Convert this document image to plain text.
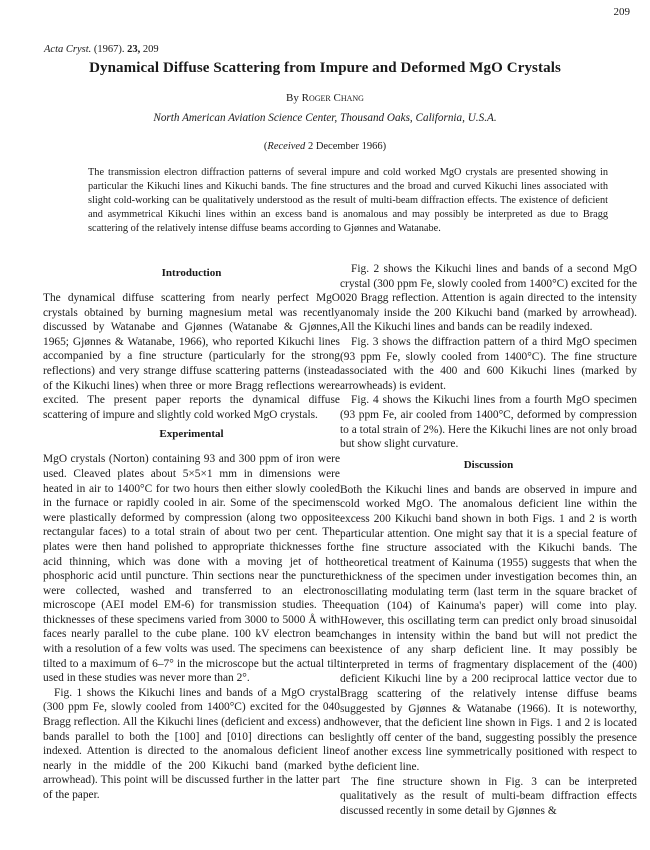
209
Acta Cryst. (1967). 23, 209
Dynamical Diffuse Scattering from Impure and Deformed MgO Crystals
By Roger Chang
North American Aviation Science Center, Thousand Oaks, California, U.S.A.
(Received 2 December 1966)

The transmission electron diffraction patterns of several impure and cold worked MgO crystals are presented showing in particular the Kikuchi lines and Kikuchi bands. The fine structures and the broad and curved Kikuchi lines associated with slight cold-working can be qualitatively understood as the result of multi-beam diffraction effects. The existence of deficient and asymmetrical Kikuchi lines within an excess band is anomalous and may possibly be interpreted as due to Bragg scattering of the relatively intense diffuse beams according to Gjønnes and Watanabe.

Introduction

The dynamical diffuse scattering from nearly perfect MgO crystals obtained by burning magnesium metal was recently discussed by Watanabe and Gjønnes (Watanabe & Gjønnes, 1965; Gjønnes & Watanabe, 1966), who reported Kikuchi lines accompanied by a fine structure (particularly for the strong reflections) and very strange diffuse scattering patterns (instead of the Kikuchi lines) when three or more Bragg reflections were excited. The present paper reports the dynamical diffuse scattering of impure and slightly cold worked MgO crystals.

Experimental

MgO crystals (Norton) containing 93 and 300 ppm of iron were used. Cleaved plates about 5×5×1 mm in dimensions were heated in air to 1400°C for two hours then either slowly cooled in the furnace or rapidly cooled in air. Some of the specimens were plastically deformed by compression (along two opposite rectangular faces) to a total strain of about two per cent. The plates were then hand polished to appropriate thicknesses for acid thinning, which was done with a moving jet of hot phosphoric acid until puncture. Thin sections near the puncture were collected, washed and transferred to an electron microscope (AEI model EM-6) for transmission studies. The thicknesses of these specimens varied from 3000 to 5000 Å with faces nearly parallel to the cube plane. 100 kV electron beam with a resolution of a few volts was used. The specimens can be tilted to a maximum of 6–7° in the microscope but the actual tilt used in these studies was never more than 2°.

Fig. 1 shows the Kikuchi lines and bands of a MgO crystal (300 ppm Fe, slowly cooled from 1400°C) excited for the 040 Bragg reflection. All the Kikuchi lines (deficient and excess) and bands parallel to both the [100] and [010] directions can be indexed. Attention is directed to the anomalous deficient line nearly in the middle of the 200 Kikuchi band (marked by arrowhead). This point will be discussed further in the latter part of the paper.

Fig. 2 shows the Kikuchi lines and bands of a second MgO crystal (300 ppm Fe, slowly cooled from 1400°C) excited for the 020 Bragg reflection. Attention is again directed to the intensity anomaly inside the 200 Kikuchi band (marked by arrowhead). All the Kikuchi lines and bands can be readily indexed.

Fig. 3 shows the diffraction pattern of a third MgO specimen (93 ppm Fe, slowly cooled from 1400°C). The fine structure associated with the 400 and 600 Kikuchi lines (marked by arrowheads) is evident.

Fig. 4 shows the Kikuchi lines from a fourth MgO specimen (93 ppm Fe, air cooled from 1400°C, deformed by compression to a total strain of 2%). Here the Kikuchi lines are not only broad but show slight curvature.

Discussion

Both the Kikuchi lines and bands are observed in impure and cold worked MgO. The anomalous deficient line within the excess 200 Kikuchi band shown in both Figs. 1 and 2 is worth particular attention. One might say that it is a special feature of the fine structure associated with the Kikuchi bands. The theoretical treatment of Kainuma (1955) suggests that when the thickness of the specimen under investigation becomes thin, an oscillating modulating term (last term in the square bracket of equation (104) of Kainuma's paper) will come into play. However, this oscillating term can predict only broad sinusoidal changes in intensity within the band but will not predict the existence of any sharp deficient line. It may possibly be interpreted in terms of fragmentary displacement of the (400) deficient Kikuchi line by a 200 reciprocal lattice vector due to Bragg scattering of the relatively intense diffuse beams suggested by Gjønnes & Watanabe (1966). It is noteworthy, however, that the deficient line shown in Figs. 1 and 2 is located slightly off center of the band, suggesting possibly the presence of another excess line symmetrically positioned with respect to the deficient line.

The fine structure shown in Fig. 3 can be interpreted qualitatively as the result of multi-beam diffraction effects discussed recently in some detail by Gjønnes &
